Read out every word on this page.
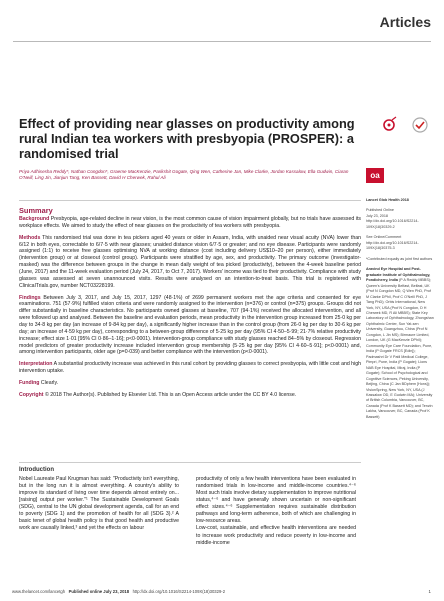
Articles
Effect of providing near glasses on productivity among rural Indian tea workers with presbyopia (PROSPER): a randomised trial
Priya Adhisesha Reddy*, Nathan Congdon*, Graeme MacKenzie, Parikshit Gogate, Qing Wen, Catherine Jan, Mike Clarke, Jordan Kassalow, Ella Gudwin, Ciaran O'Neill, Ling Jin, Jianjun Tang, Ken Bassett, David H Cherwek, Rahul Ali	oa
Summary

Background Presbyopia, age-related decline in near vision, is the most common cause of vision impairment globally, but no trials have assessed its workplace effects. We aimed to study the effect of near glasses on the productivity of tea workers with presbyopia.

Methods This randomised trial was done in tea pickers aged 40 years or older in Assam, India, with unaided near visual acuity (NVA) lower than 6/12 in both eyes, correctable to 6/7·5 with near glasses; unaided distance vision 6/7·5 or greater; and no eye disease. Participants were randomly assigned (1:1) to receive free glasses optimising NVA at working distance (cost including delivery US$10–20 per person), either immediately (intervention group) or at closeout (control group). Participants were stratified by age, sex, and productivity. The primary outcome (investigator-masked) was the difference between groups in the change in mean daily weight of tea picked (productivity), between the 4-week baseline period (June, 2017) and the 11-week evaluation period (July 24, 2017, to Oct 7, 2017). Workers' income was tied to their productivity. Compliance with study glasses was assessed at seven unannounced visits. Results were analysed on an intention-to-treat basis. This trial is registered with ClinicalTrials.gov, number NCT03228199.

Findings Between July 3, 2017, and July 15, 2017, 1297 (48·1%) of 2699 permanent workers met the age criteria and consented for eye examinations. 751 (57·9%) fulfilled vision criteria and were randomly assigned to the intervention (n=376) or control (n=375) groups. Groups did not differ substantially in baseline characteristics. No participants owned glasses at baseline, 707 (94·1%) received the allocated intervention, and all were followed up and analysed. Between the baseline and evaluation periods, mean productivity in the intervention group increased from 25·0 kg per day to 34·8 kg per day (an increase of 9·84 kg per day), a significantly higher increase than in the control group (from 26·0 kg per day to 30·6 kg per day; an increase of 4·59 kg per day), corresponding to a between-group difference of 5·25 kg per day (95% CI 4·50–5·99; 21·7% relative productivity increase; effect size 1·01 [95% CI 0·86–1·16]; p<0·0001). Intervention-group compliance with study glasses reached 84–5% by closeout. Regression model predictors of greater productivity increase included intervention group membership (5·25 kg per day [95% CI 4·60–5·91]; p<0·0001) and, among intervention participants, older age (p=0·039) and better compliance with the intervention (p<0·0001).

Interpretation A substantial productivity increase was achieved in this rural cohort by providing glasses to correct presbyopia, with little cost and high intervention uptake.

Funding Clearly.

Copyright © 2018 The Author(s). Published by Elsevier Ltd. This is an Open Access article under the CC BY 4.0 license.

Introduction

Nobel Laureate Paul Krugman has said: "Productivity isn't everything, but in the long run it is almost everything. A country's ability to improve its standard of living over time depends almost entirely on... [raising] output per worker."¹ The Sustainable Development Goals (SDG), central to the UN global development agenda, call for an end to poverty (SDG 1) and the promotion of health for all (SDG 3).² A basic tenet of global health policy is that good health and productive work are causally linked,³ and yet the effects on labour

productivity of only a few health interventions have been evaluated in randomised trials in low-income and middle-income countries.⁴⁻⁶ Most such trials involve dietary supplementation to improve nutritional status,⁴⁻⁶ and have generally shown uncertain or non-significant effect sizes.⁴⁻⁶ Supplementation requires sustainable distribution pathways and long-term adherence, both of which are challenging in low-resource areas.
Low-cost, sustainable, and effective health interventions are needed to increase work productivity and reduce poverty in low-income and middle-income

Lancet Glob Health 2018
Published Online
July 23, 2018
http://dx.doi.org/10.1016/S2214-109X(18)30329-2
See Online/Comment
http://dx.doi.org/10.1016/S2214-109X(18)30375-3
*Contributed equally as joint first authors
Aravind Eye Hospital and Post-graduate Institute of Ophthalmology, Pondicherry, India (P A Reddy MBBS); Queen's University Belfast, Belfast, UK (Prof N Congdon MD, Q Wen PhD, Prof M Clarke DPhil, Prof C O'Neill PhD, J Tang PhD); Orbis International, New York, NY, USA (Prof N Congdon, D H Cherwek MD, R Ali MBBS); State Key Laboratory of Ophthalmology, Zhongshan Ophthalmic Center, Sun Yat-sen University, Guangzhou, China (Prof N Congdon, L Jin MS); Birmaure Limited, London, UK (G MacKenzie DPhil); Community Eye Care Foundation, Pune, India (P Gogate FRCS [Edin]); Padmashri Dr V Patil Medical College, Pimpri, Pune, India (P Gogate); Lions NAB Eye Hospital, Miraj, India (P Gogate); School of Psychological and Cognitive Sciences, Peking University, Beijing, China (C Jan BDphem [Hons]); VisionSpring, New York, NY, USA (J Kassalow OD, E Gudwin MA); University of British Columbia, Vancouver, BC, Canada (Prof K Bassett MD); and Tenzin Lakha, Vancouver, BC, Canada (Prof K Bassett)
www.thelancet.com/lancetgh Published online July 23, 2018 http://dx.doi.org/10.1016/S2214-109X(18)30329-2	1
